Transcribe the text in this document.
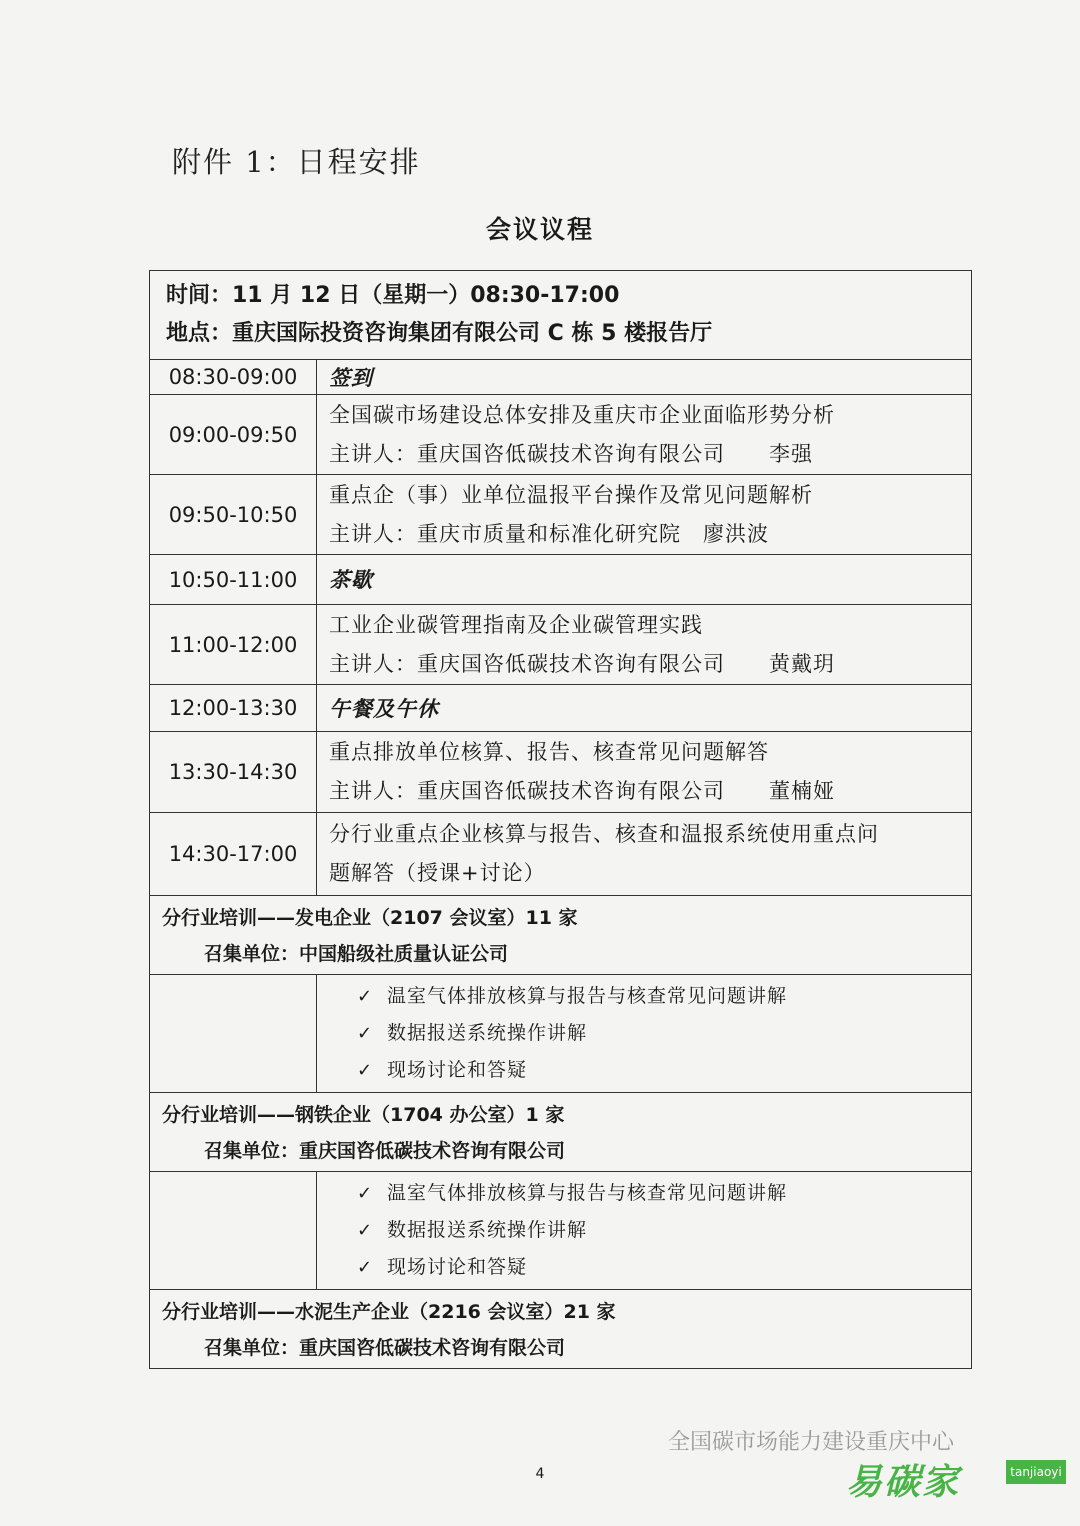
附件 1：日程安排
会议议程
时间：11 月 12 日（星期一）08:30-17:00
地点：重庆国际投资咨询集团有限公司 C 栋 5 楼报告厅
08:30-09:00	签到
09:00-09:50
全国碳市场建设总体安排及重庆市企业面临形势分析
主讲人：重庆国咨低碳技术咨询有限公司　　李强
09:50-10:50
重点企（事）业单位温报平台操作及常见问题解析
主讲人：重庆市质量和标准化研究院　廖洪波
10:50-11:00	茶歇
11:00-12:00
工业企业碳管理指南及企业碳管理实践
主讲人：重庆国咨低碳技术咨询有限公司　　黄戴玥
12:00-13:30	午餐及午休
13:30-14:30
重点排放单位核算、报告、核查常见问题解答
主讲人：重庆国咨低碳技术咨询有限公司　　董楠娅
14:30-17:00
分行业重点企业核算与报告、核查和温报系统使用重点问
题解答（授课+讨论）
分行业培训——发电企业（2107 会议室）11 家
召集单位：中国船级社质量认证公司
✓ 温室气体排放核算与报告与核查常见问题讲解
✓ 数据报送系统操作讲解
✓ 现场讨论和答疑
分行业培训——钢铁企业（1704 办公室）1 家
召集单位：重庆国咨低碳技术咨询有限公司
✓ 温室气体排放核算与报告与核查常见问题讲解
✓ 数据报送系统操作讲解
✓ 现场讨论和答疑
分行业培训——水泥生产企业（2216 会议室）21 家
召集单位：重庆国咨低碳技术咨询有限公司
4
全国碳市场能力建设重庆中心
易碳家	tanjiaoyi
